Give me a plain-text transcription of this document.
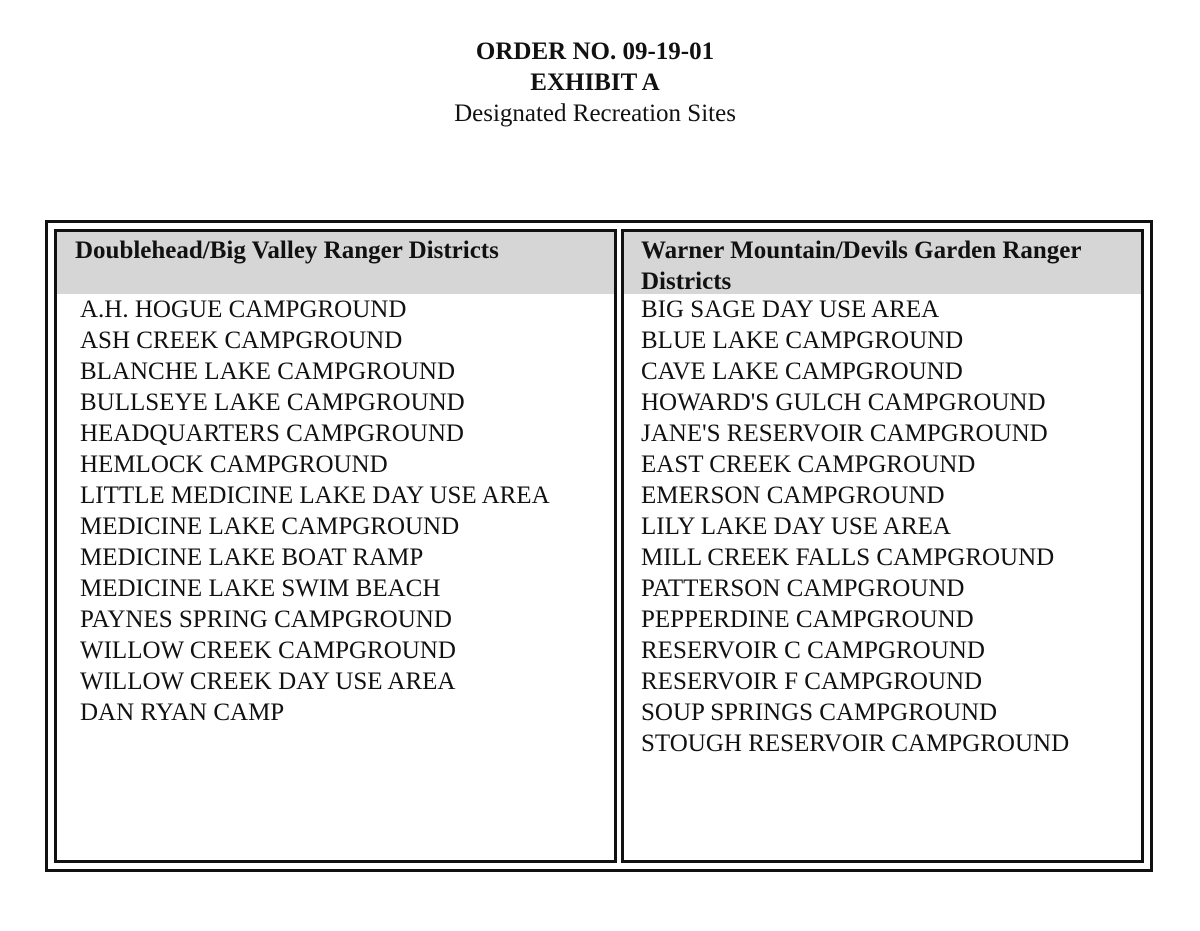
ORDER NO. 09-19-01
EXHIBIT A
Designated Recreation Sites
Doublehead/Big Valley Ranger Districts
A.H. HOGUE CAMPGROUND
ASH CREEK CAMPGROUND
BLANCHE LAKE CAMPGROUND
BULLSEYE LAKE CAMPGROUND
HEADQUARTERS CAMPGROUND
HEMLOCK CAMPGROUND
LITTLE MEDICINE LAKE DAY USE AREA
MEDICINE LAKE CAMPGROUND
MEDICINE LAKE BOAT RAMP
MEDICINE LAKE SWIM BEACH
PAYNES SPRING CAMPGROUND
WILLOW CREEK CAMPGROUND
WILLOW CREEK DAY USE AREA
DAN RYAN CAMP
Warner Mountain/Devils Garden Ranger Districts
BIG SAGE DAY USE AREA
BLUE LAKE CAMPGROUND
CAVE LAKE CAMPGROUND
HOWARD'S GULCH CAMPGROUND
JANE'S RESERVOIR CAMPGROUND
EAST CREEK CAMPGROUND
EMERSON CAMPGROUND
LILY LAKE DAY USE AREA
MILL CREEK FALLS CAMPGROUND
PATTERSON CAMPGROUND
PEPPERDINE CAMPGROUND
RESERVOIR C CAMPGROUND
RESERVOIR F CAMPGROUND
SOUP SPRINGS CAMPGROUND
STOUGH RESERVOIR CAMPGROUND
